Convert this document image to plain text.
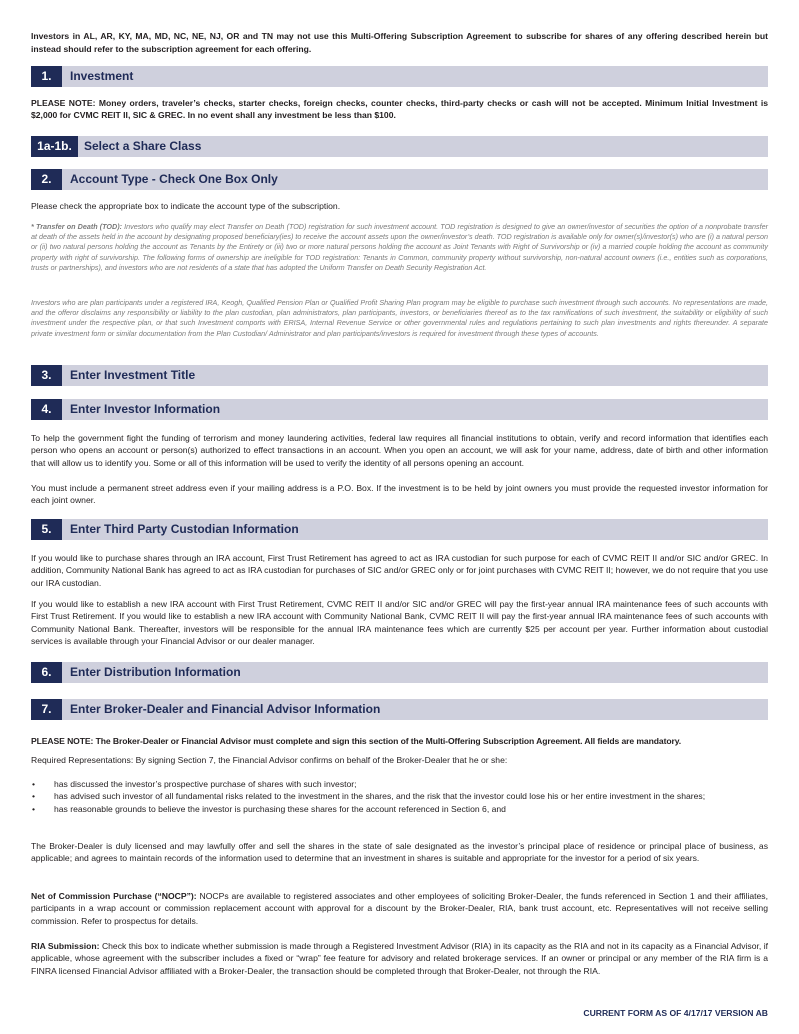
Investors in AL, AR, KY, MA, MD, NC, NE, NJ, OR and TN may not use this Multi-Offering Subscription Agreement to subscribe for shares of any offering described herein but instead should refer to the subscription agreement for each offering.
1.	Investment
PLEASE NOTE: Money orders, traveler’s checks, starter checks, foreign checks, counter checks, third-party checks or cash will not be accepted. Minimum Initial Investment is $2,000 for CVMC REIT II, SIC & GREC. In no event shall any investment be less than $100.
1a-1b.	Select a Share Class
2.	Account Type - Check One Box Only
Please check the appropriate box to indicate the account type of the subscription.
* Transfer on Death (TOD): Investors who qualify may elect Transfer on Death (TOD) registration for such investment account. TOD registration is designed to give an owner/investor of securities the option of a nonprobate transfer at death of the assets held in the account by designating proposed beneficiary(ies) to receive the account assets upon the owner/investor’s death. TOD registration is available only for owner(s)/investor(s) who are (i) a natural person or (ii) two natural persons holding the account as Tenants by the Entirety or (iii) two or more natural persons holding the account as Joint Tenants with Right of Survivorship or (iv) a married couple holding the account as community property with right of survivorship. The following forms of ownership are ineligible for TOD registration: Tenants in Common, community property without survivorship, non-natural account owners (i.e., entities such as corporations, trusts or partnerships), and investors who are not residents of a state that has adopted the Uniform Transfer on Death Security Registration Act.
Investors who are plan participants under a registered IRA, Keogh, Qualified Pension Plan or Qualified Profit Sharing Plan program may be eligible to purchase such investment through such accounts. No representations are made, and the offeror disclaims any responsibility or liability to the plan custodian, plan administrators, plan participants, investors, or beneficiaries thereof as to the tax ramifications of such investment, the suitability or eligibility of such investment under the respective plan, or that such Investment comports with ERISA, Internal Revenue Service or other governmental rules and regulations pertaining to such plan investments and rights thereunder. A separate private investment form or similar documentation from the Plan Custodian/ Administrator and plan participants/investors is required for investment through these types of accounts.
3.	Enter Investment Title
4.	Enter Investor Information
To help the government fight the funding of terrorism and money laundering activities, federal law requires all financial institutions to obtain, verify and record information that identifies each person who opens an account or person(s) authorized to effect transactions in an account. When you open an account, we will ask for your name, address, date of birth and other information that will allow us to identify you. Some or all of this information will be used to verify the identity of all persons opening an account.
You must include a permanent street address even if your mailing address is a P.O. Box. If the investment is to be held by joint owners you must provide the requested investor information for each joint owner.
5.	Enter Third Party Custodian Information
If you would like to purchase shares through an IRA account, First Trust Retirement has agreed to act as IRA custodian for such purpose for each of CVMC REIT II and/or SIC and/or GREC. In addition, Community National Bank has agreed to act as IRA custodian for purchases of SIC and/or GREC only or for joint purchases with CVMC REIT II; however, we do not require that you use our IRA custodian.
If you would like to establish a new IRA account with First Trust Retirement, CVMC REIT II and/or SIC and/or GREC will pay the first-year annual IRA maintenance fees of such accounts with First Trust Retirement. If you would like to establish a new IRA account with Community National Bank, CVMC REIT II will pay the first-year annual IRA maintenance fees of such accounts with Community National Bank. Thereafter, investors will be responsible for the annual IRA maintenance fees which are currently $25 per account per year. Further information about custodial services is available through your Financial Advisor or our dealer manager.
6.	Enter Distribution Information
7.	Enter Broker-Dealer and Financial Advisor Information
PLEASE NOTE: The Broker-Dealer or Financial Advisor must complete and sign this section of the Multi-Offering Subscription Agreement. All fields are mandatory.
Required Representations: By signing Section 7, the Financial Advisor confirms on behalf of the Broker-Dealer that he or she:
• has discussed the investor’s prospective purchase of shares with such investor;
• has advised such investor of all fundamental risks related to the investment in the shares, and the risk that the investor could lose his or her entire investment in the shares;
• has reasonable grounds to believe the investor is purchasing these shares for the account referenced in Section 6, and
The Broker-Dealer is duly licensed and may lawfully offer and sell the shares in the state of sale designated as the investor’s principal place of residence or principal place of business, as applicable; and agrees to maintain records of the information used to determine that an investment in shares is suitable and appropriate for the investor for a period of six years.
Net of Commission Purchase (“NOCP”): NOCPs are available to registered associates and other employees of soliciting Broker-Dealer, the funds referenced in Section 1 and their affiliates, participants in a wrap account or commission replacement account with approval for a discount by the Broker-Dealer, RIA, bank trust account, etc. Representatives will not receive selling commission. Refer to prospectus for details.
RIA Submission: Check this box to indicate whether submission is made through a Registered Investment Advisor (RIA) in its capacity as the RIA and not in its capacity as a Financial Advisor, if applicable, whose agreement with the subscriber includes a fixed or “wrap” fee feature for advisory and related brokerage services. If an owner or principal or any member of the RIA firm is a FINRA licensed Financial Advisor affiliated with a Broker-Dealer, the transaction should be completed through that Broker-Dealer, not through the RIA.
CURRENT FORM AS OF 4/17/17 VERSION AB
